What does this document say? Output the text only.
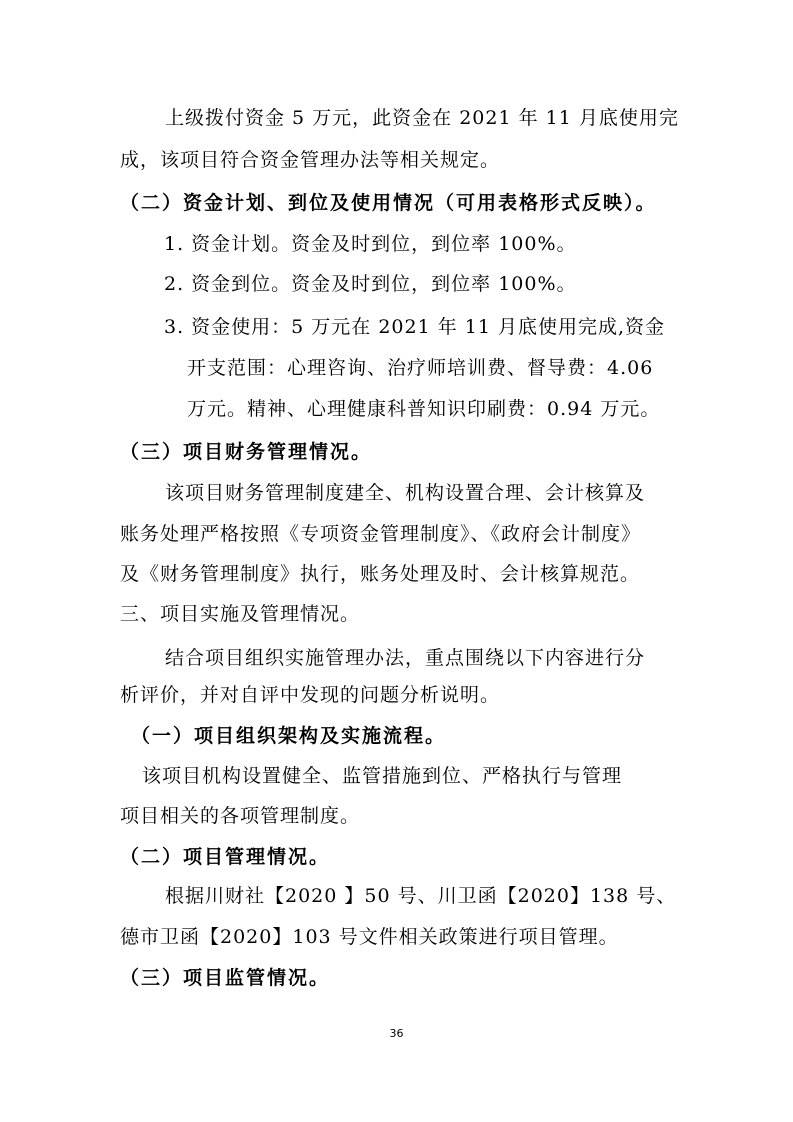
上级拨付资金 5 万元，此资金在 2021 年 11 月底使用完
成，该项目符合资金管理办法等相关规定。
（二）资金计划、到位及使用情况（可用表格形式反映）。
1. 资金计划。资金及时到位，到位率 100%。
2. 资金到位。资金及时到位，到位率 100%。
3. 资金使用：5 万元在 2021 年 11 月底使用完成,资金
开支范围：心理咨询、治疗师培训费、督导费：4.06
万元。精神、心理健康科普知识印刷费：0.94 万元。
（三）项目财务管理情况。
该项目财务管理制度建全、机构设置合理、会计核算及
账务处理严格按照《专项资金管理制度》、《政府会计制度》
及《财务管理制度》执行，账务处理及时、会计核算规范。
三、项目实施及管理情况。
结合项目组织实施管理办法，重点围绕以下内容进行分
析评价，并对自评中发现的问题分析说明。
（一）项目组织架构及实施流程。
该项目机构设置健全、监管措施到位、严格执行与管理
项目相关的各项管理制度。
（二）项目管理情况。
根据川财社【2020 】50 号、川卫函【2020】138 号、
德市卫函【2020】103 号文件相关政策进行项目管理。
（三）项目监管情况。
36
